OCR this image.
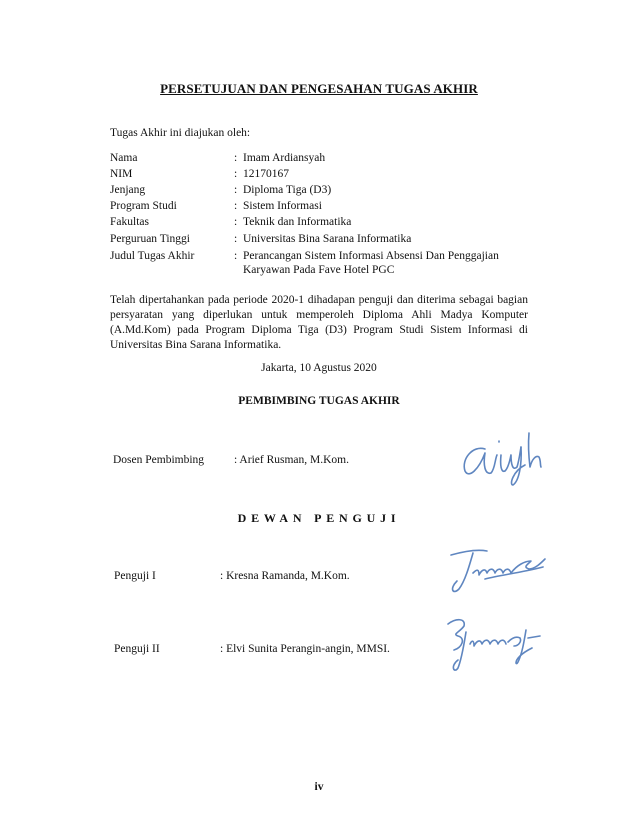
PERSETUJUAN DAN PENGESAHAN TUGAS AKHIR
Tugas Akhir ini diajukan oleh:
Nama	: Imam Ardiansyah
NIM	: 12170167
Jenjang	: Diploma Tiga (D3)
Program Studi	: Sistem Informasi
Fakultas	: Teknik dan Informatika
Perguruan Tinggi	: Universitas Bina Sarana Informatika
Judul Tugas Akhir	: Perancangan Sistem Informasi Absensi Dan Penggajian
Karyawan Pada Fave Hotel PGC
Telah dipertahankan pada periode 2020-1 dihadapan penguji dan diterima sebagai bagian persyaratan yang diperlukan untuk memperoleh Diploma Ahli Madya Komputer (A.Md.Kom) pada Program Diploma Tiga (D3) Program Studi Sistem Informasi di Universitas Bina Sarana Informatika.
Jakarta, 10 Agustus 2020
PEMBIMBING TUGAS AKHIR
Dosen Pembimbing	: Arief Rusman, M.Kom.
DEWAN PENGUJI
Penguji I	: Kresna Ramanda, M.Kom.
Penguji II	: Elvi Sunita Perangin-angin, MMSI.
iv
